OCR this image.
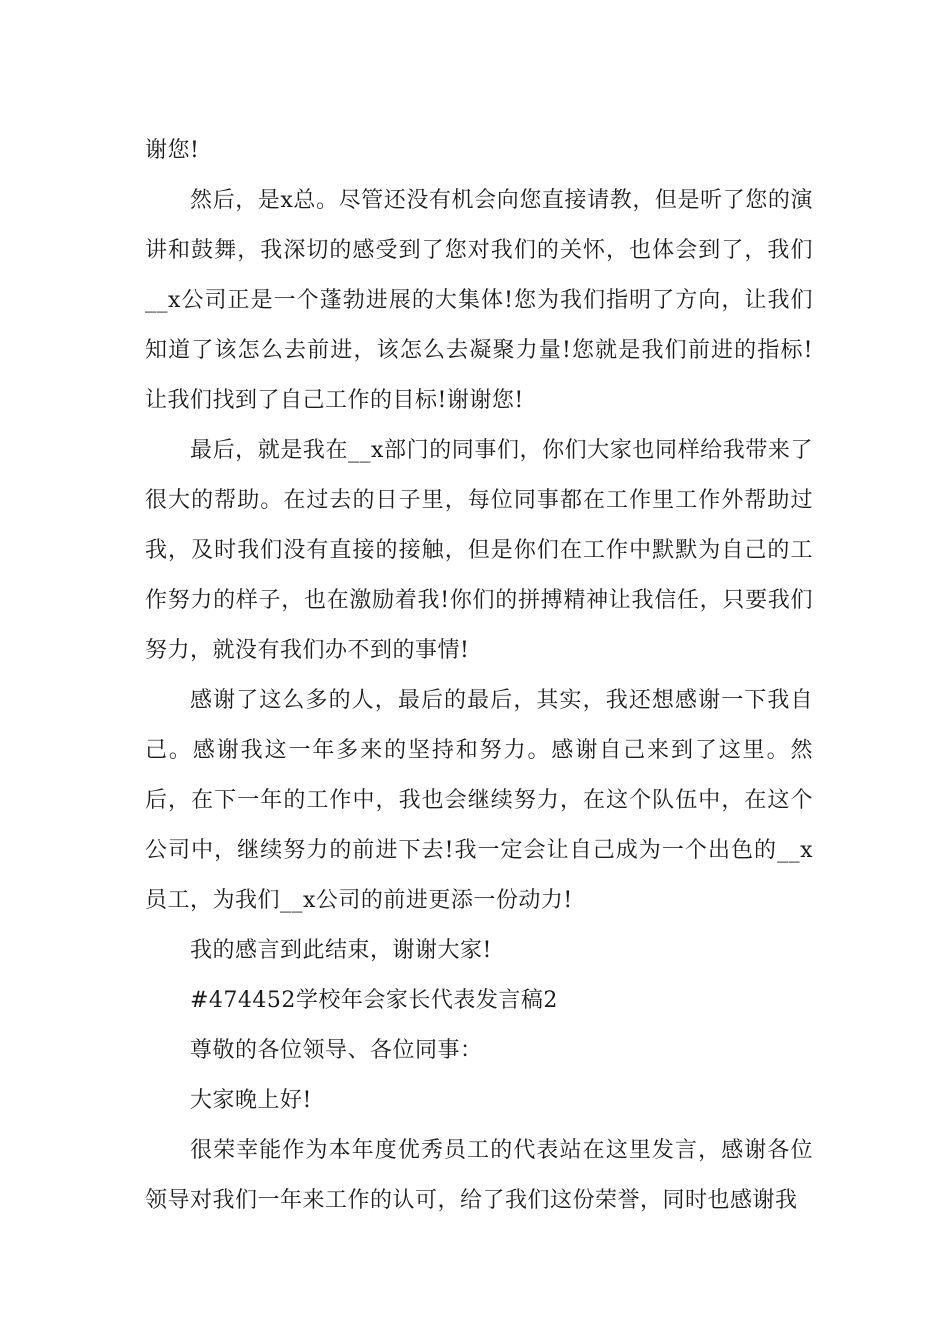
谢您!

然后，是x总。尽管还没有机会向您直接请教，但是听了您的演讲和鼓舞，我深切的感受到了您对我们的关怀，也体会到了，我们__x公司正是一个蓬勃进展的大集体!您为我们指明了方向，让我们知道了该怎么去前进，该怎么去凝聚力量!您就是我们前进的指标!让我们找到了自己工作的目标!谢谢您!

最后，就是我在__x部门的同事们，你们大家也同样给我带来了很大的帮助。在过去的日子里，每位同事都在工作里工作外帮助过我，及时我们没有直接的接触，但是你们在工作中默默为自己的工作努力的样子，也在激励着我!你们的拼搏精神让我信任，只要我们努力，就没有我们办不到的事情!

感谢了这么多的人，最后的最后，其实，我还想感谢一下我自己。感谢我这一年多来的坚持和努力。感谢自己来到了这里。然后，在下一年的工作中，我也会继续努力，在这个队伍中，在这个公司中，继续努力的前进下去!我一定会让自己成为一个出色的__x员工，为我们__x公司的前进更添一份动力!

我的感言到此结束，谢谢大家!

#474452学校年会家长代表发言稿2

尊敬的各位领导、各位同事：

大家晚上好!

很荣幸能作为本年度优秀员工的代表站在这里发言，感谢各位领导对我们一年来工作的认可，给了我们这份荣誉，同时也感谢我
